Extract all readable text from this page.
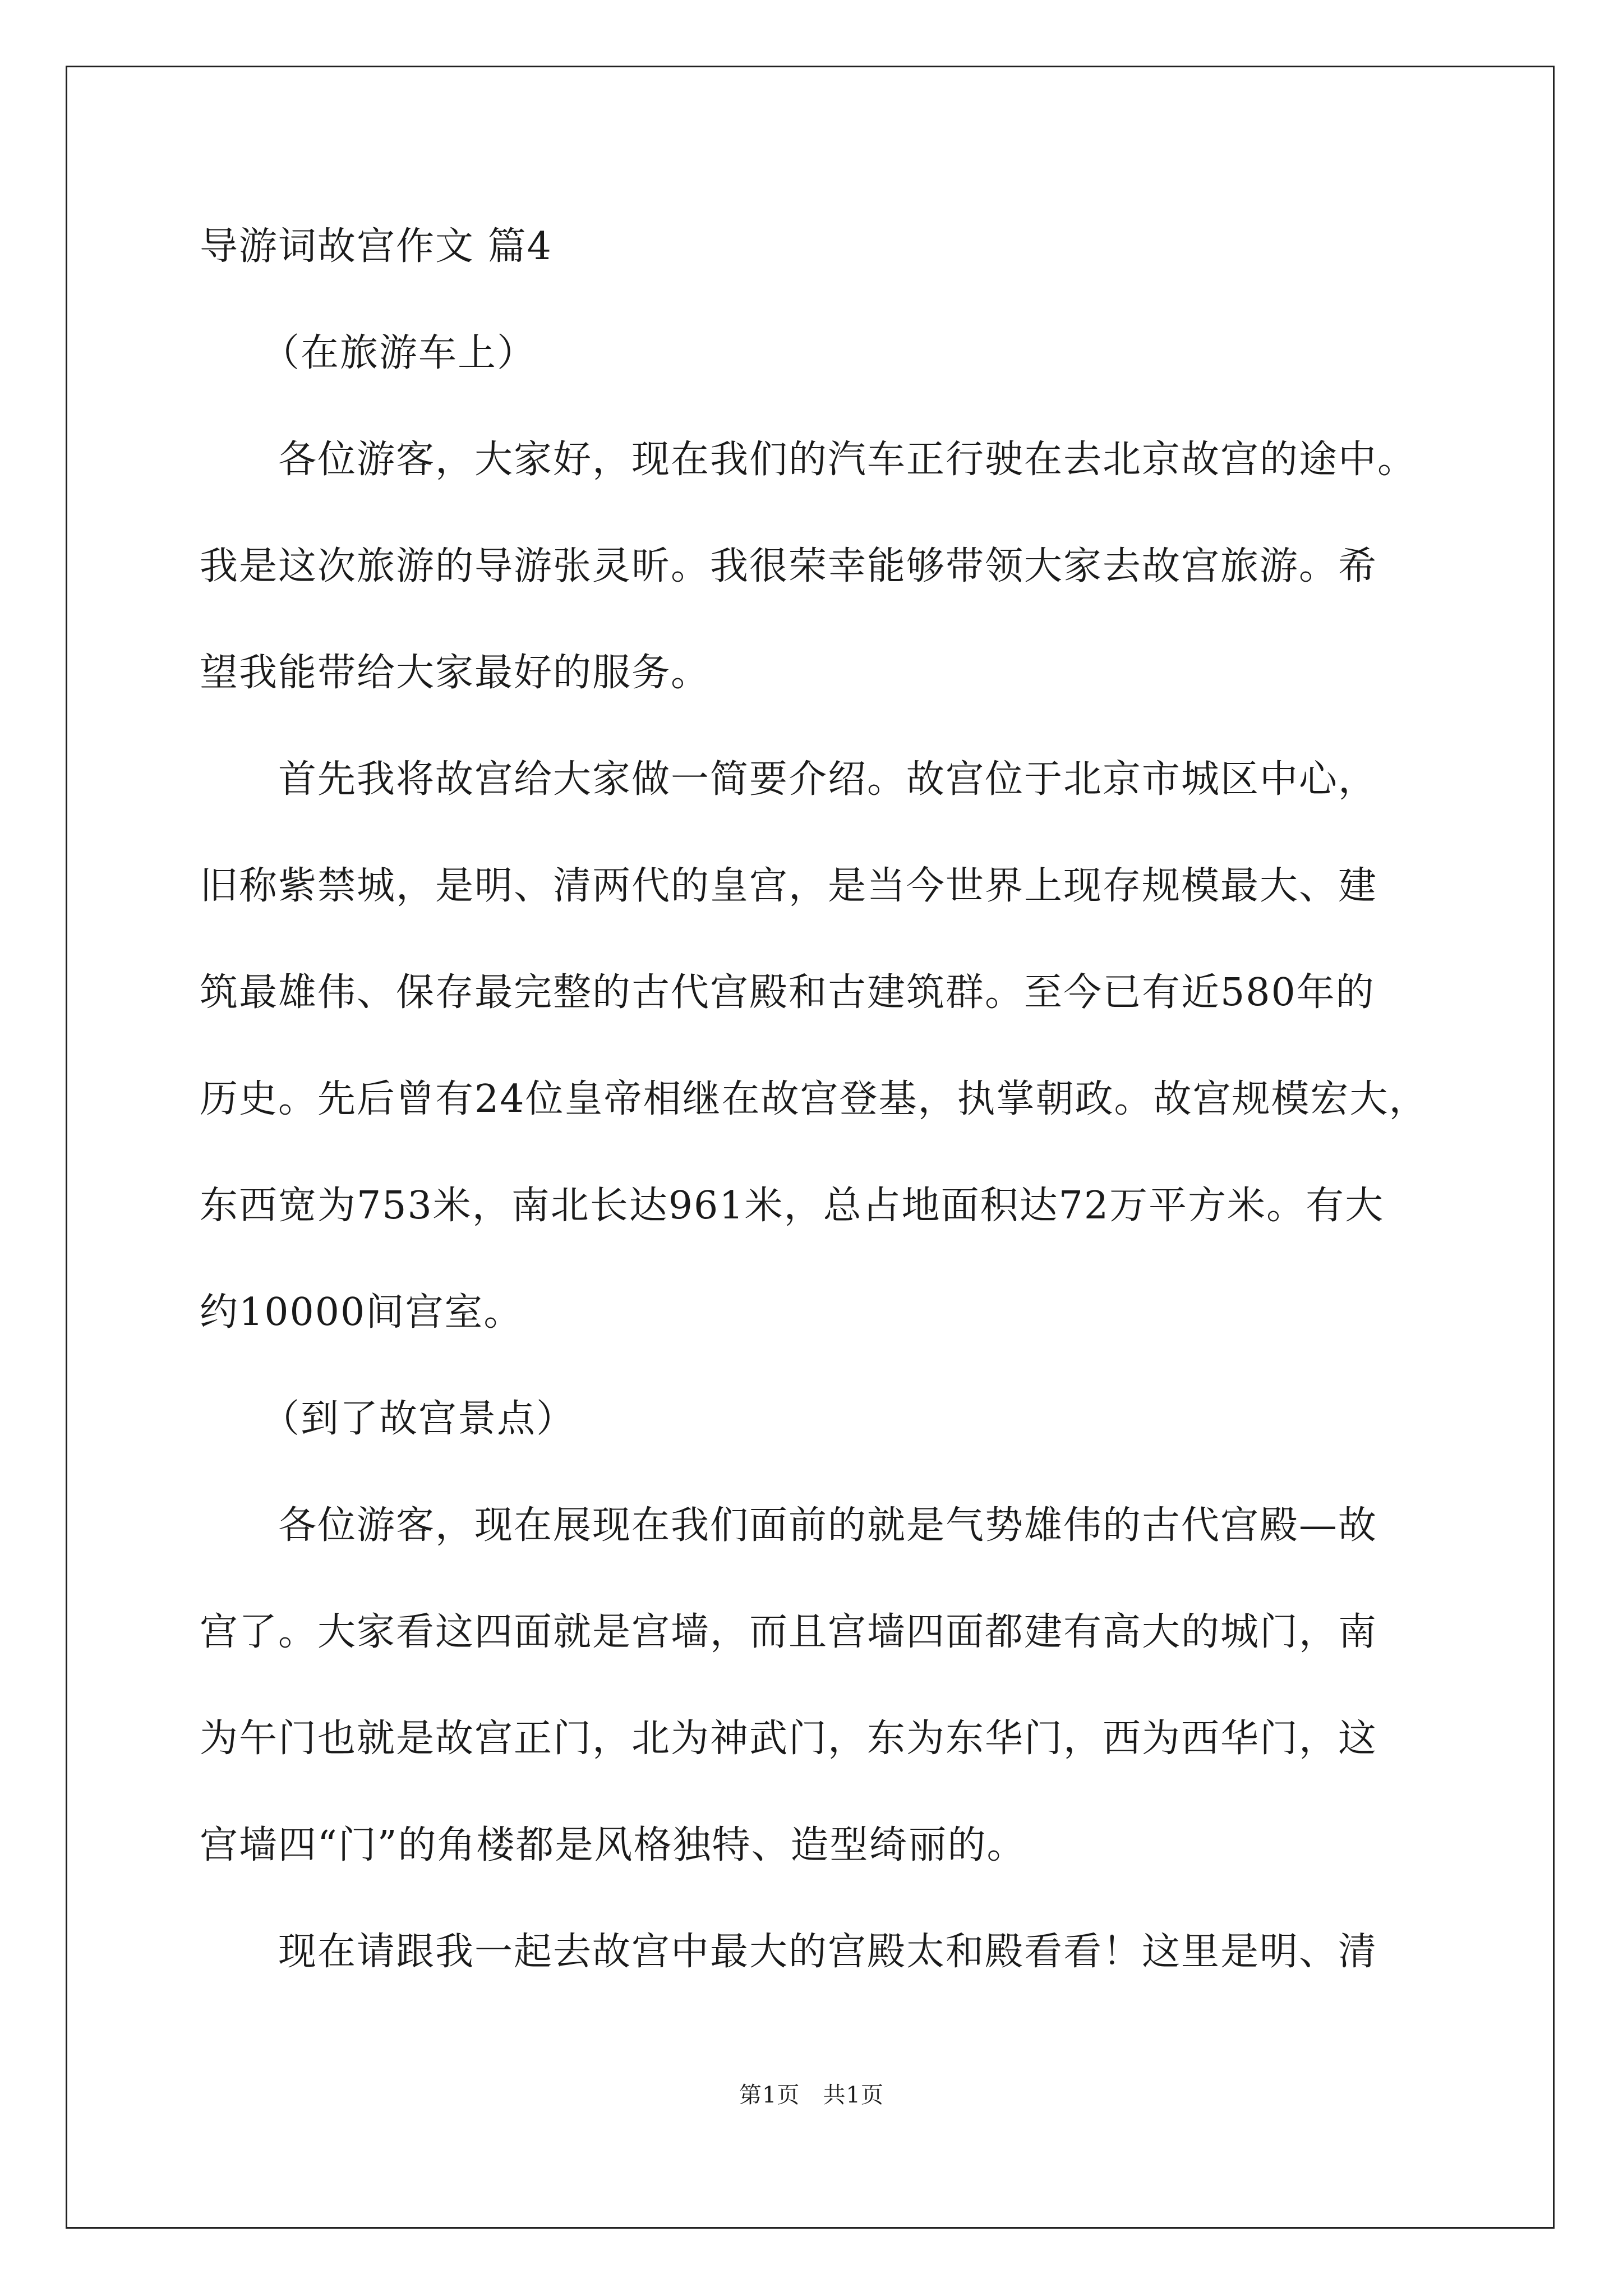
导游词故宫作文 篇4
（在旅游车上）
各位游客，大家好，现在我们的汽车正行驶在去北京故宫的途中。
我是这次旅游的导游张灵昕。我很荣幸能够带领大家去故宫旅游。希
望我能带给大家最好的服务。
首先我将故宫给大家做一简要介绍。故宫位于北京市城区中心，
旧称紫禁城，是明、清两代的皇宫，是当今世界上现存规模最大、建
筑最雄伟、保存最完整的古代宫殿和古建筑群。至今已有近580年的
历史。先后曾有24位皇帝相继在故宫登基，执掌朝政。故宫规模宏大，
东西宽为753米，南北长达961米，总占地面积达72万平方米。有大
约10000间宫室。
（到了故宫景点）
各位游客，现在展现在我们面前的就是气势雄伟的古代宫殿—故
宫了。大家看这四面就是宫墙，而且宫墙四面都建有高大的城门，南
为午门也就是故宫正门，北为神武门，东为东华门，西为西华门，这
宫墙四“门”的角楼都是风格独特、造型绮丽的。
现在请跟我一起去故宫中最大的宫殿太和殿看看！这里是明、清
第1页   共1页
